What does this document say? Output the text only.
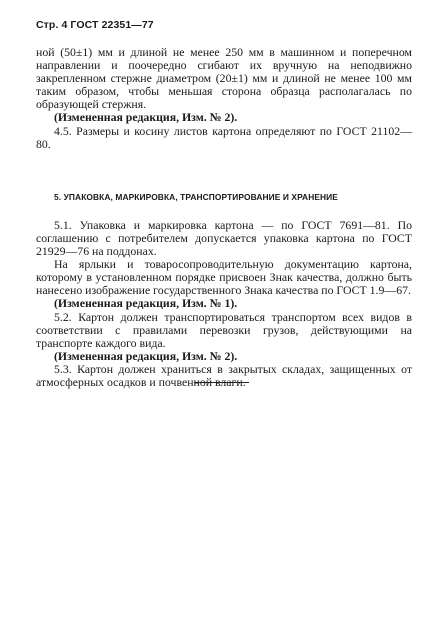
Стр. 4 ГОСТ 22351—77

ной (50±1) мм и длиной не менее 250 мм в машинном и поперечном направлении и поочередно сгибают их вручную на неподвижно закрепленном стержне диаметром (20±1) мм и длиной не менее 100 мм таким образом, чтобы меньшая сторона образца располагалась по образующей стержня.

(Измененная редакция, Изм. № 2).

4.5. Размеры и косину листов картона определяют по ГОСТ 21102—80.

5. УПАКОВКА, МАРКИРОВКА, ТРАНСПОРТИРОВАНИЕ И ХРАНЕНИЕ

5.1. Упаковка и маркировка картона — по ГОСТ 7691—81. По соглашению с потребителем допускается упаковка картона по ГОСТ 21929—76 на поддонах.

На ярлыки и товаросопроводительную документацию картона, которому в установленном порядке присвоен Знак качества, должно быть нанесено изображение государственного Знака качества по ГОСТ 1.9—67.

(Измененная редакция, Изм. № 1).

5.2. Картон должен транспортироваться транспортом всех видов в соответствии с правилами перевозки грузов, действующими на транспорте каждого вида.

(Измененная редакция, Изм. № 2).

5.3. Картон должен храниться в закрытых складах, защищенных от атмосферных осадков и почвенной влаги.
